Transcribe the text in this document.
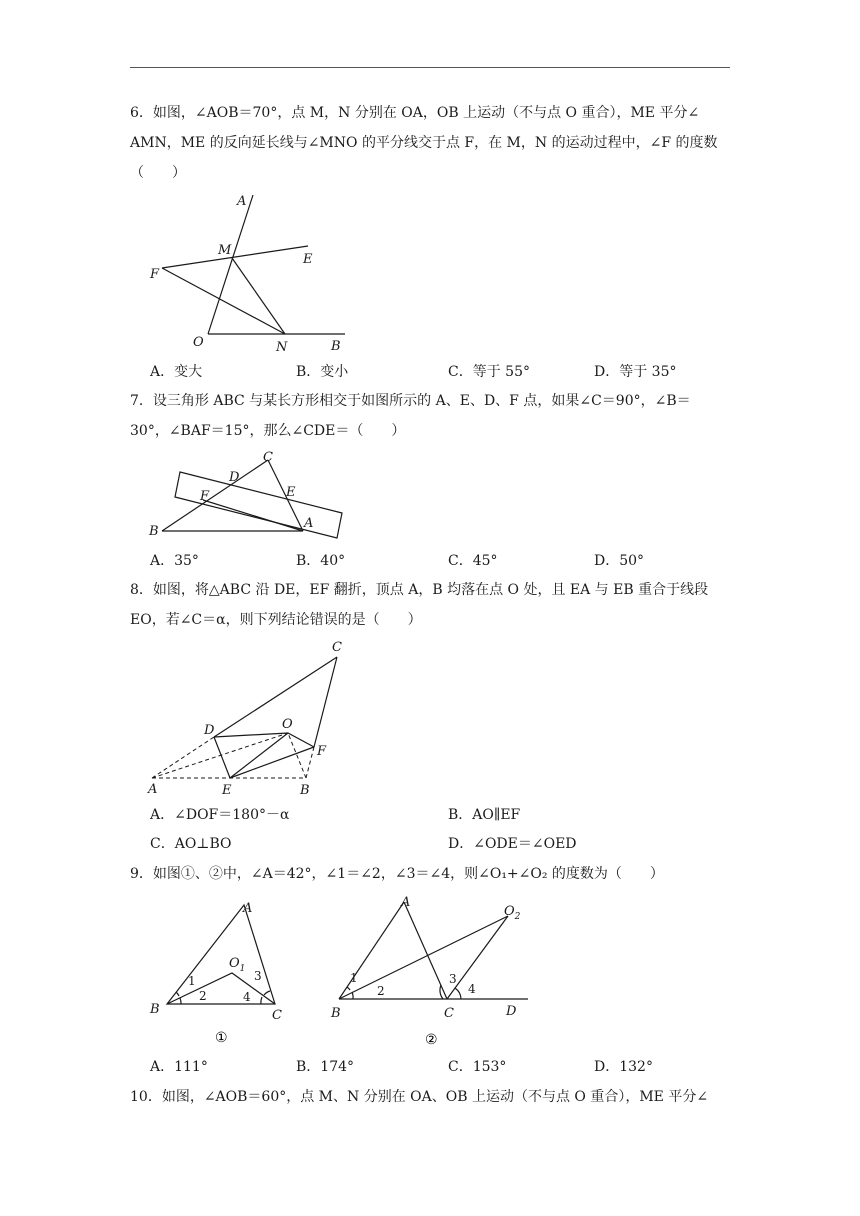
6．如图，∠AOB＝70°，点 M，N 分别在 OA，OB 上运动（不与点 O 重合），ME 平分∠
AMN，ME 的反向延长线与∠MNO 的平分线交于点 F，在 M，N 的运动过程中，∠F 的度数
（　　）
A
M
E
F
O	N	B
A．变大	B．变小	C．等于 55°	D．等于 35°
7．设三角形 ABC 与某长方形相交于如图所示的 A、E、D、F 点，如果∠C＝90°，∠B＝
30°，∠BAF＝15°，那么∠CDE＝（　　）
C
D
F	E
B
A
A．35°	B．40°	C．45°	D．50°
8．如图，将△ABC 沿 DE，EF 翻折，顶点 A，B 均落在点 O 处，且 EA 与 EB 重合于线段
EO，若∠C＝α，则下列结论错误的是（　　）
C
D	O
F
A	E	B
A．∠DOF＝180°－α	B．AO∥EF
C．AO⊥BO	D．∠ODE＝∠OED
9．如图①、②中，∠A＝42°，∠1＝∠2，∠3＝∠4，则∠O₁+∠O₂ 的度数为（　　）
A
$O_1$
1
2
3
4
B	C
①
A
$O_2$
1
2
3
4
B	C	D
②
A．111°	B．174°	C．153°	D．132°
10．如图，∠AOB＝60°，点 M、N 分别在 OA、OB 上运动（不与点 O 重合），ME 平分∠
